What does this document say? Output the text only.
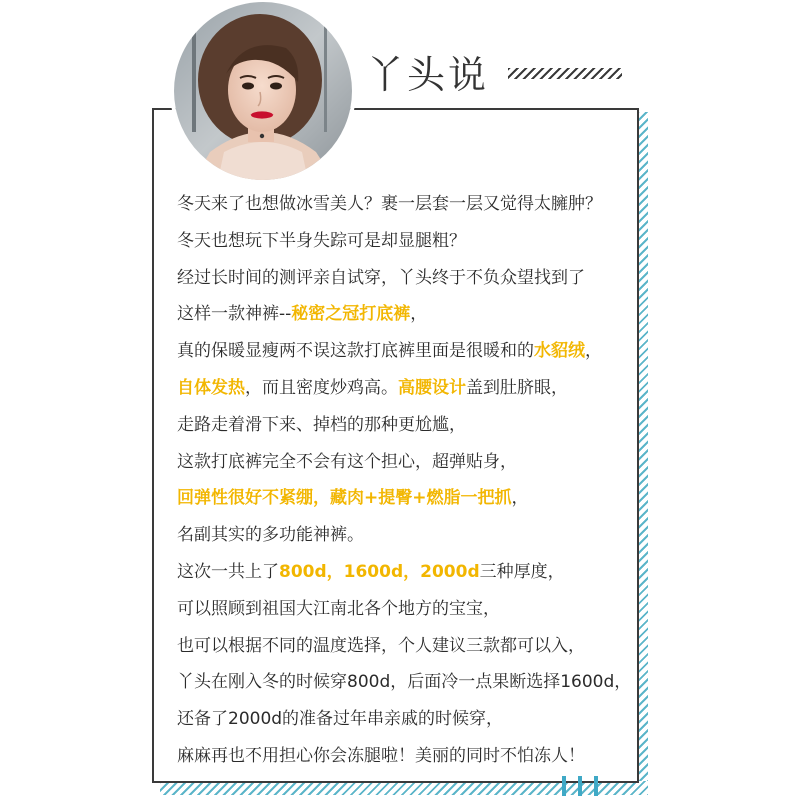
丫头说
冬天来了也想做冰雪美人？裹一层套一层又觉得太臃肿？
冬天也想玩下半身失踪可是却显腿粗？
经过长时间的测评亲自试穿，丫头终于不负众望找到了
这样一款神裤--秘密之冠打底裤，
真的保暖显瘦两不误这款打底裤里面是很暖和的水貂绒，
自体发热，而且密度炒鸡高。高腰设计盖到肚脐眼，
走路走着滑下来、掉档的那种更尬尴，
这款打底裤完全不会有这个担心，超弹贴身，
回弹性很好不紧绷，藏肉+提臀+燃脂一把抓，
名副其实的多功能神裤。
这次一共上了800d，1600d，2000d三种厚度，
可以照顾到祖国大江南北各个地方的宝宝，
也可以根据不同的温度选择，个人建议三款都可以入，
丫头在刚入冬的时候穿800d，后面冷一点果断选择1600d，
还备了2000d的准备过年串亲戚的时候穿，
麻麻再也不用担心你会冻腿啦！美丽的同时不怕冻人！
